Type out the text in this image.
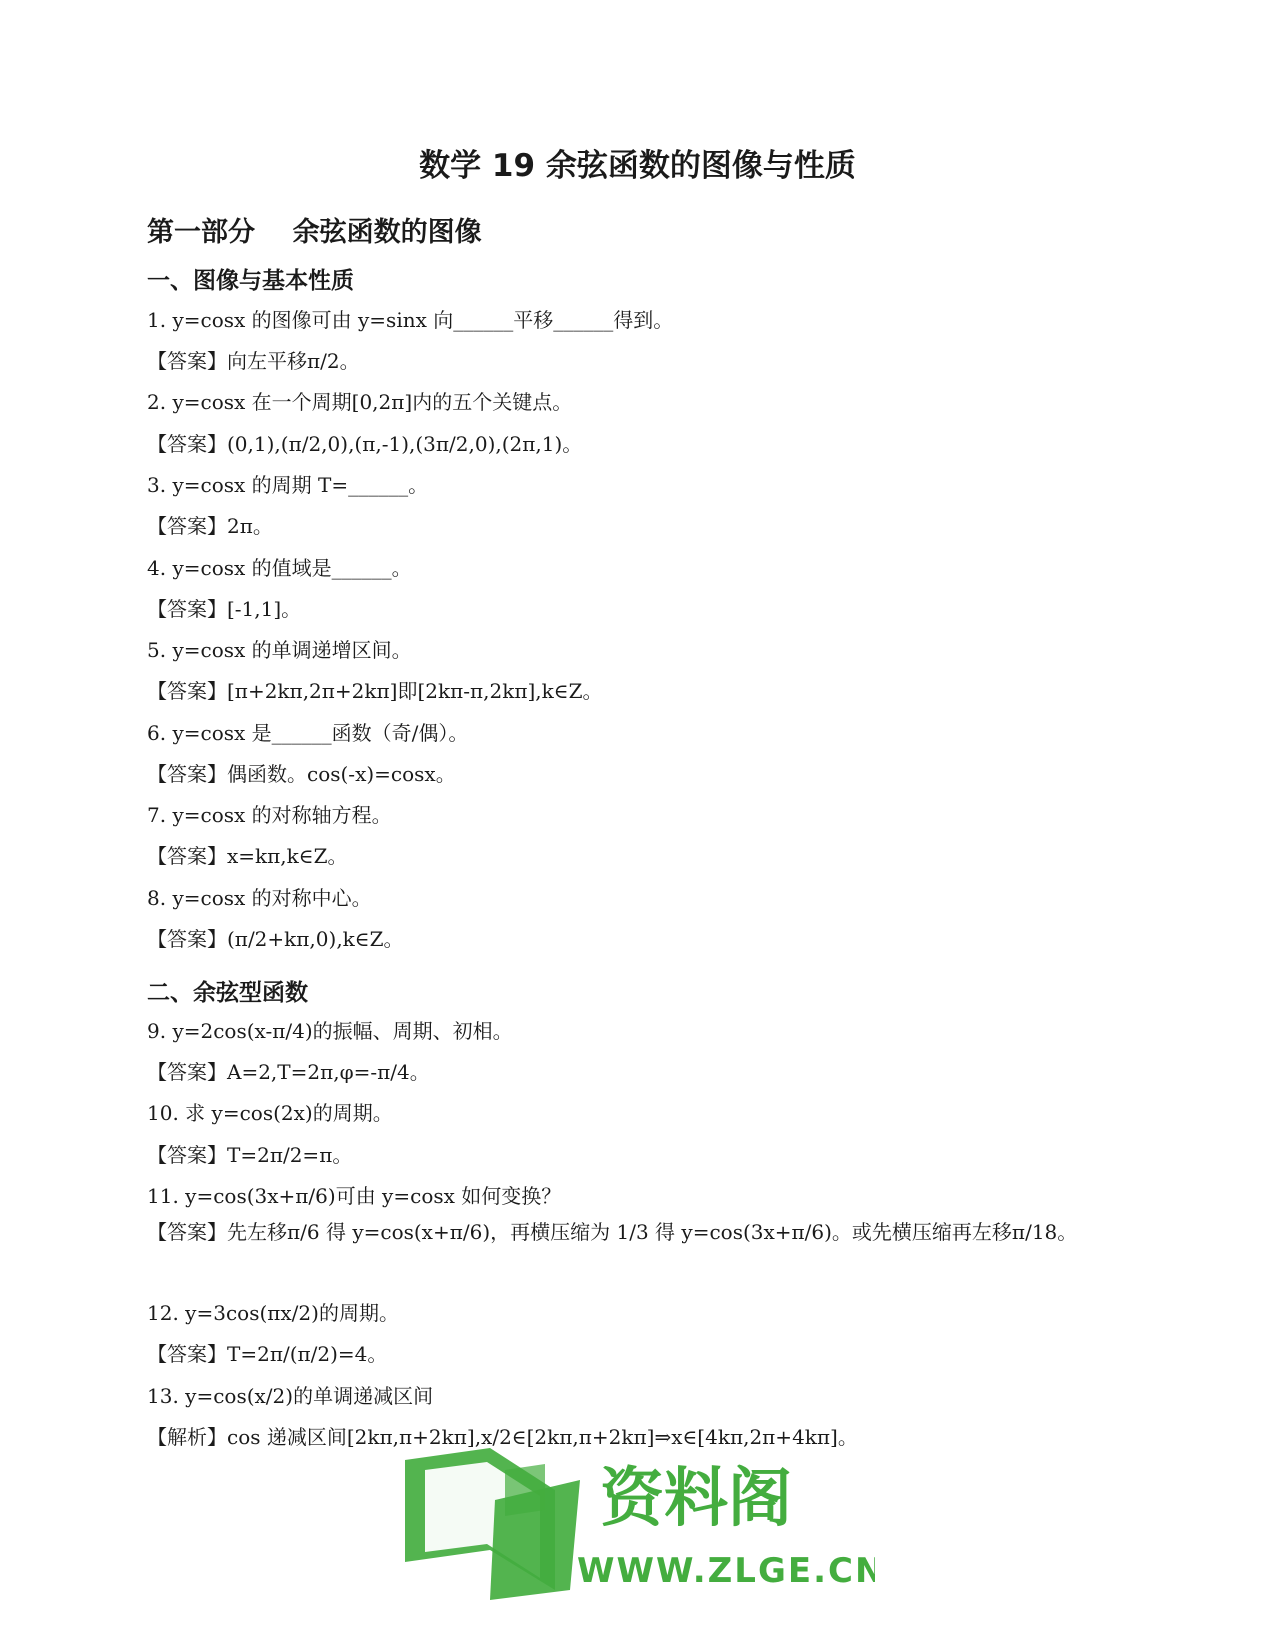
数学 19 余弦函数的图像与性质
第一部分    余弦函数的图像
一、图像与基本性质

1. y=cosx 的图像可由 y=sinx 向______平移______得到。

【答案】向左平移π/2。

2. y=cosx 在一个周期[0,2π]内的五个关键点。

【答案】(0,1),(π/2,0),(π,-1),(3π/2,0),(2π,1)。

3. y=cosx 的周期 T=______。

【答案】2π。

4. y=cosx 的值域是______。

【答案】[-1,1]。

5. y=cosx 的单调递增区间。

【答案】[π+2kπ,2π+2kπ]即[2kπ-π,2kπ],k∈Z。

6. y=cosx 是______函数（奇/偶）。

【答案】偶函数。cos(-x)=cosx。

7. y=cosx 的对称轴方程。

【答案】x=kπ,k∈Z。

8. y=cosx 的对称中心。

【答案】(π/2+kπ,0),k∈Z。

二、余弦型函数

9. y=2cos(x-π/4)的振幅、周期、初相。

【答案】A=2,T=2π,φ=-π/4。

10. 求 y=cos(2x)的周期。

【答案】T=2π/2=π。

11. y=cos(3x+π/6)可由 y=cosx 如何变换？

【答案】先左移π/6 得 y=cos(x+π/6)，再横压缩为 1/3 得 y=cos(3x+π/6)。或先横压缩再左移π/18。

12. y=3cos(πx/2)的周期。

【答案】T=2π/(π/2)=4。

13. y=cos(x/2)的单调递减区间

【解析】cos 递减区间[2kπ,π+2kπ],x/2∈[2kπ,π+2kπ]⇒x∈[4kπ,2π+4kπ]。

资料阁
WWW.ZLGE.CN
